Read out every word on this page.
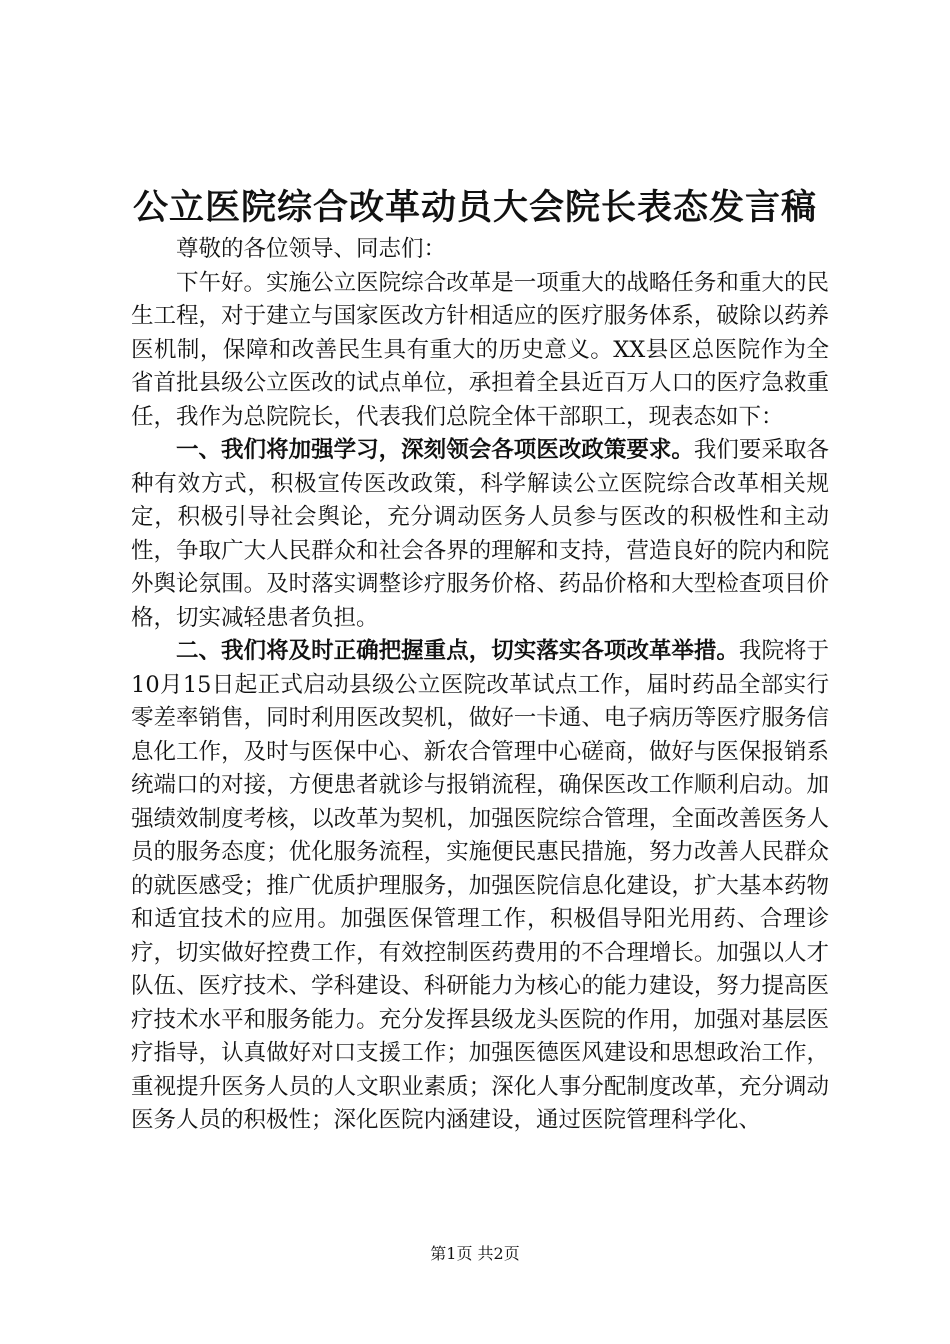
公立医院综合改革动员大会院长表态发言稿

尊敬的各位领导、同志们：

下午好。实施公立医院综合改革是一项重大的战略任务和重大的民生工程，对于建立与国家医改方针相适应的医疗服务体系，破除以药养医机制，保障和改善民生具有重大的历史意义。XX县区总医院作为全省首批县级公立医改的试点单位，承担着全县近百万人口的医疗急救重任，我作为总院院长，代表我们总院全体干部职工，现表态如下：

一、我们将加强学习，深刻领会各项医改政策要求。我们要采取各种有效方式，积极宣传医改政策，科学解读公立医院综合改革相关规定，积极引导社会舆论，充分调动医务人员参与医改的积极性和主动性，争取广大人民群众和社会各界的理解和支持，营造良好的院内和院外舆论氛围。及时落实调整诊疗服务价格、药品价格和大型检查项目价格，切实减轻患者负担。

二、我们将及时正确把握重点，切实落实各项改革举措。我院将于10月15日起正式启动县级公立医院改革试点工作，届时药品全部实行零差率销售，同时利用医改契机，做好一卡通、电子病历等医疗服务信息化工作，及时与医保中心、新农合管理中心磋商，做好与医保报销系统端口的对接，方便患者就诊与报销流程，确保医改工作顺利启动。加强绩效制度考核，以改革为契机，加强医院综合管理，全面改善医务人员的服务态度；优化服务流程，实施便民惠民措施，努力改善人民群众的就医感受；推广优质护理服务，加强医院信息化建设，扩大基本药物和适宜技术的应用。加强医保管理工作，积极倡导阳光用药、合理诊疗，切实做好控费工作，有效控制医药费用的不合理增长。加强以人才队伍、医疗技术、学科建设、科研能力为核心的能力建设，努力提高医疗技术水平和服务能力。充分发挥县级龙头医院的作用，加强对基层医疗指导，认真做好对口支援工作；加强医德医风建设和思想政治工作，重视提升医务人员的人文职业素质；深化人事分配制度改革，充分调动医务人员的积极性；深化医院内涵建设，通过医院管理科学化、

第1页 共2页
